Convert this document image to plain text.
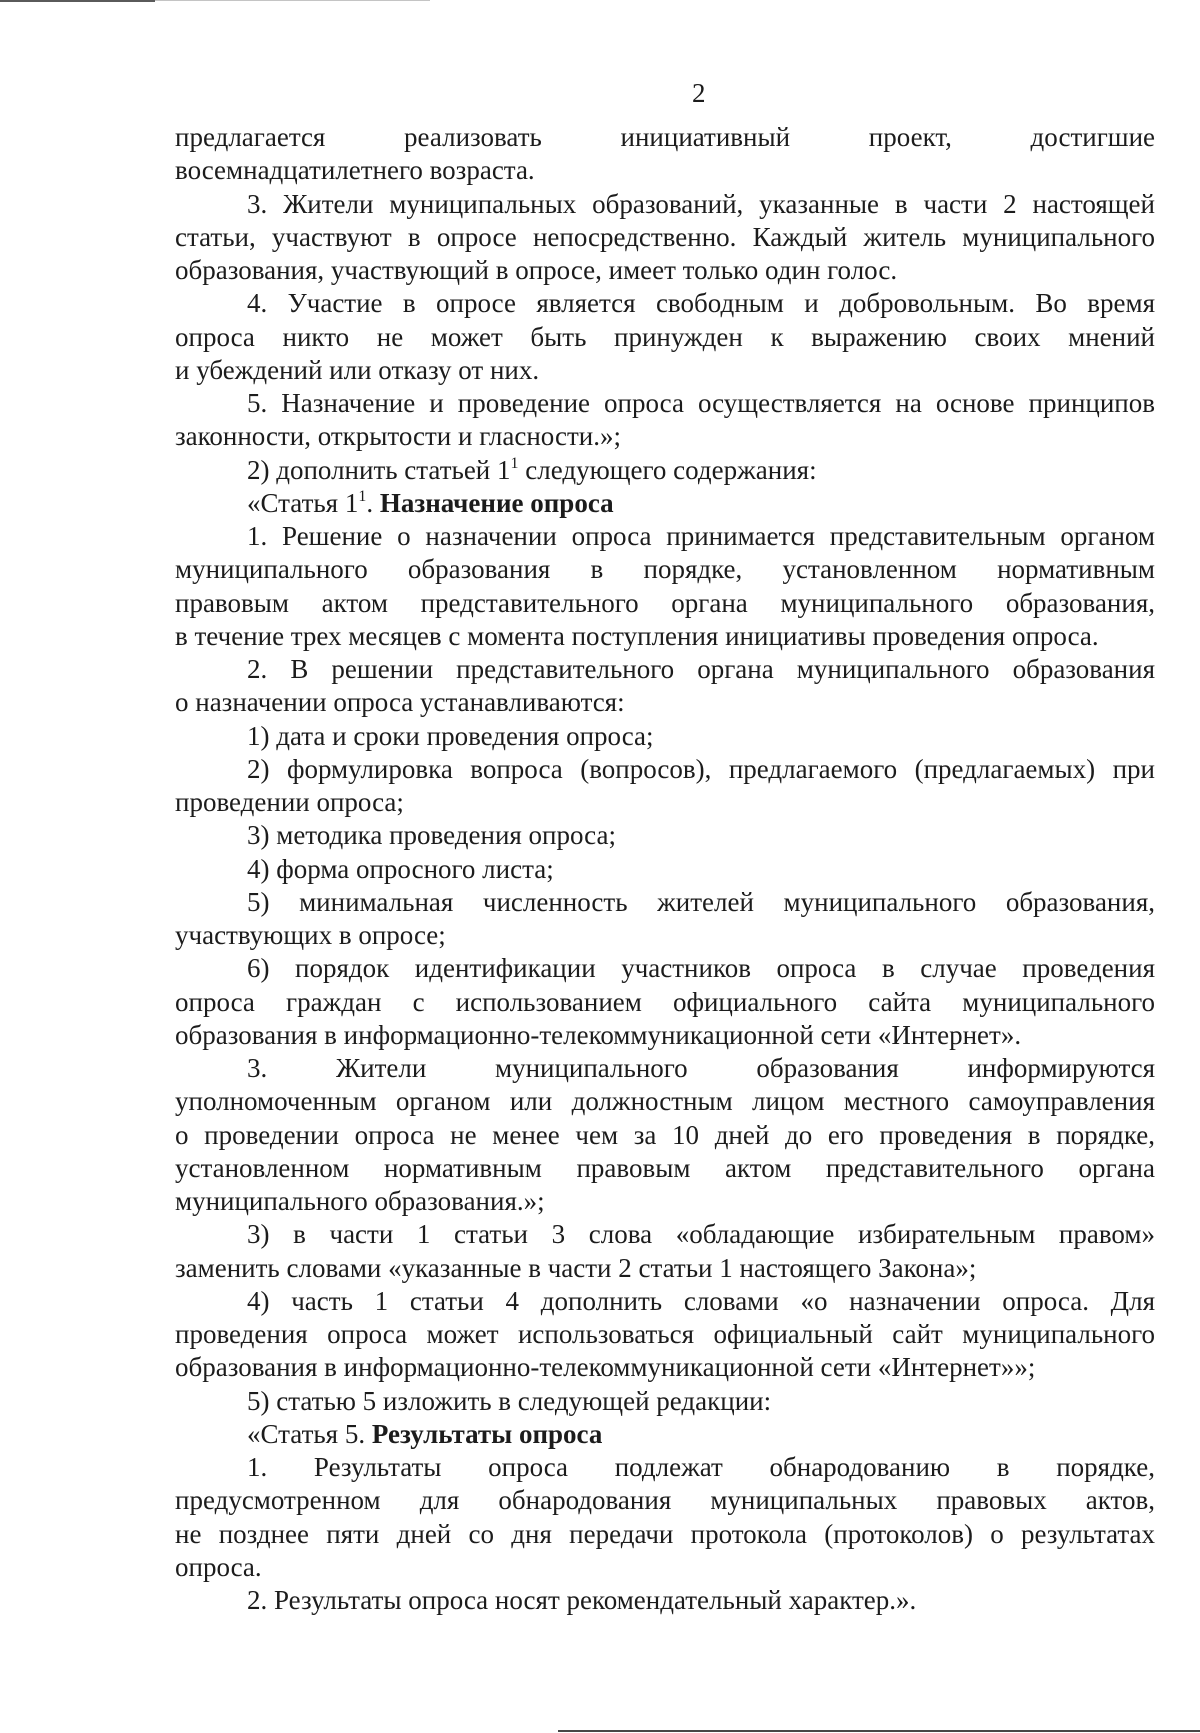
2
предлагается реализовать инициативный проект, достигшие
восемнадцатилетнего возраста.
3. Жители муниципальных образований, указанные в части 2 настоящей
статьи, участвуют в опросе непосредственно. Каждый житель муниципального
образования, участвующий в опросе, имеет только один голос.
4. Участие в опросе является свободным и добровольным. Во время
опроса никто не может быть принужден к выражению своих мнений
и убеждений или отказу от них.
5. Назначение и проведение опроса осуществляется на основе принципов
законности, открытости и гласности.»;
2) дополнить статьей $1^1$ следующего содержания:
«Статья $1^1$. Назначение опроса
1. Решение о назначении опроса принимается представительным органом
муниципального образования в порядке, установленном нормативным
правовым актом представительного органа муниципального образования,
в течение трех месяцев с момента поступления инициативы проведения опроса.
2. В решении представительного органа муниципального образования
о назначении опроса устанавливаются:
1) дата и сроки проведения опроса;
2) формулировка вопроса (вопросов), предлагаемого (предлагаемых) при
проведении опроса;
3) методика проведения опроса;
4) форма опросного листа;
5) минимальная численность жителей муниципального образования,
участвующих в опросе;
6) порядок идентификации участников опроса в случае проведения
опроса граждан с использованием официального сайта муниципального
образования в информационно-телекоммуникационной сети «Интернет».
3. Жители муниципального образования информируются
уполномоченным органом или должностным лицом местного самоуправления
о проведении опроса не менее чем за 10 дней до его проведения в порядке,
установленном нормативным правовым актом представительного органа
муниципального образования.»;
3) в части 1 статьи 3 слова «обладающие избирательным правом»
заменить словами «указанные в части 2 статьи 1 настоящего Закона»;
4) часть 1 статьи 4 дополнить словами «о назначении опроса. Для
проведения опроса может использоваться официальный сайт муниципального
образования в информационно-телекоммуникационной сети «Интернет»»;
5) статью 5 изложить в следующей редакции:
«Статья 5. Результаты опроса
1. Результаты опроса подлежат обнародованию в порядке,
предусмотренном для обнародования муниципальных правовых актов,
не позднее пяти дней со дня передачи протокола (протоколов) о результатах
опроса.
2. Результаты опроса носят рекомендательный характер.».
